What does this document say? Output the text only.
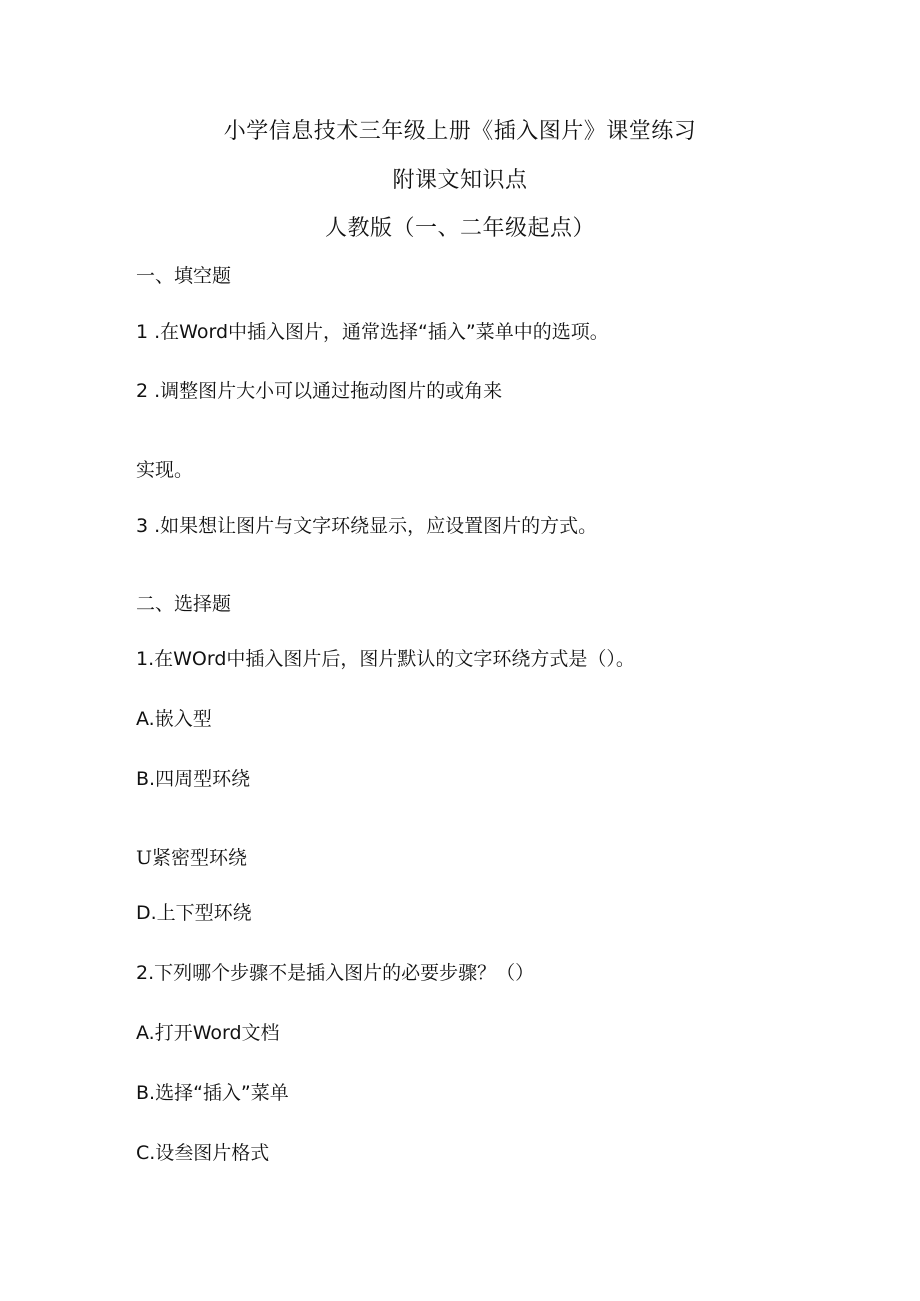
小学信息技术三年级上册《插入图片》课堂练习
附课文知识点
人教版（一、二年级起点）

一、填空题

1 .在Word中插入图片，通常选择“插入”菜单中的选项。

2 .调整图片大小可以通过拖动图片的或角来

实现。

3 .如果想让图片与文字环绕显示，应设置图片的方式。

二、选择题

1.在WOrd中插入图片后，图片默认的文字环绕方式是（）。

A.嵌入型

B.四周型环绕

U紧密型环绕

D.上下型环绕

2.下列哪个步骤不是插入图片的必要步骤？（）

A.打开Word文档

B.选择“插入”菜单

C.设叁图片格式
